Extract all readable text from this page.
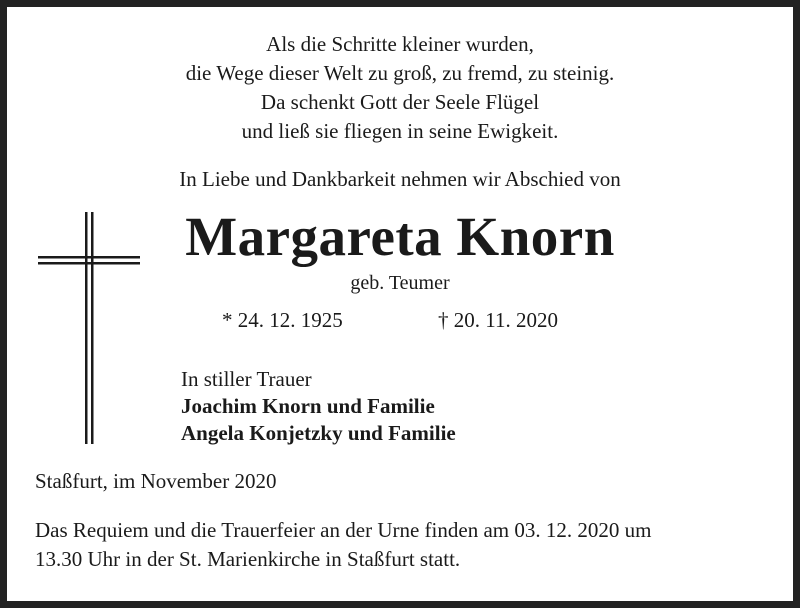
Als die Schritte kleiner wurden,
die Wege dieser Welt zu groß, zu fremd, zu steinig.
Da schenkt Gott der Seele Flügel
und ließ sie fliegen in seine Ewigkeit.
In Liebe und Dankbarkeit nehmen wir Abschied von
Margareta Knorn
geb. Teumer
* 24. 12. 1925	† 20. 11. 2020
In stiller Trauer
Joachim Knorn und Familie
Angela Konjetzky und Familie
Staßfurt, im November 2020
Das Requiem und die Trauerfeier an der Urne finden am 03. 12. 2020 um
13.30 Uhr in der St. Marienkirche in Staßfurt statt.
